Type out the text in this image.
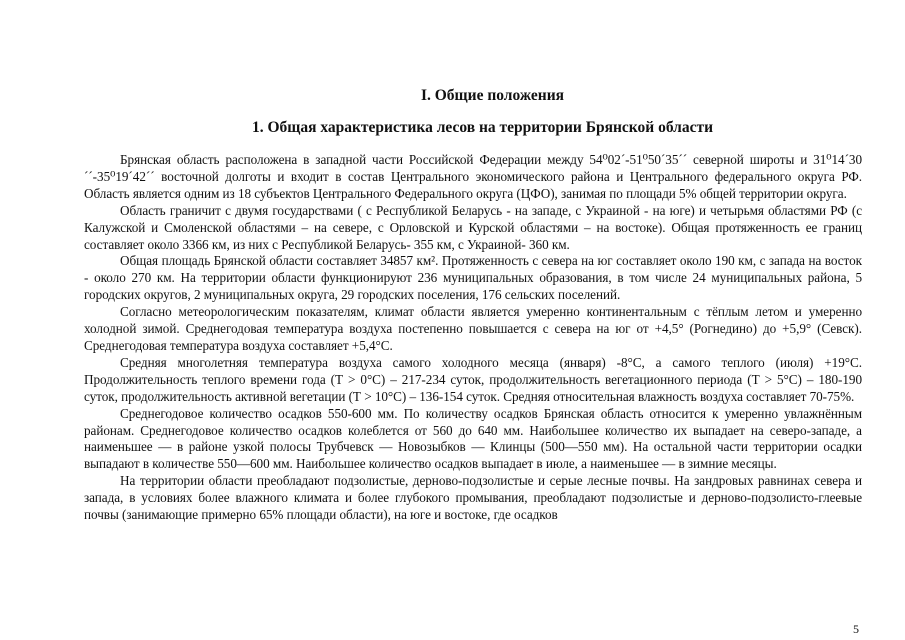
I. Общие положения
1. Общая характеристика лесов на территории Брянской области

Брянская область расположена в западной части Российской Федерации между 54⁰02´-51⁰50´35´´ северной широты и 31⁰14´30´´-35⁰19´42´´ восточной долготы и входит в состав Центрального экономического района и Центрального федерального округа РФ. Область является одним из 18 субъектов Центрального Федерального округа (ЦФО), занимая по площади 5% общей территории округа.

Область граничит с двумя государствами ( с Республикой Беларусь - на западе, с Украиной - на юге) и четырьмя областями РФ (с Калужской и Смоленской областями – на севере, с Орловской и Курской областями – на востоке). Общая протяженность ее границ составляет около 3366 км, из них с Республикой Беларусь- 355 км, с Украиной- 360 км.

Общая площадь Брянской области составляет 34857 км². Протяженность с севера на юг составляет около 190 км, с запада на восток - около 270 км. На территории области функционируют 236 муниципальных образования, в том числе 24 муниципальных района, 5 городских округов, 2 муниципальных округа, 29 городских поселения, 176 сельских поселений.

Согласно метеорологическим показателям, климат области является умеренно континентальным с тёплым летом и умеренно холодной зимой. Среднегодовая температура воздуха постепенно повышается с севера на юг от +4,5° (Рогнедино) до +5,9° (Севск). Среднегодовая температура воздуха составляет +5,4°С.

Средняя многолетняя температура воздуха самого холодного месяца (января) -8°С, а самого теплого (июля) +19°С. Продолжительность теплого времени года (Т > 0°С) – 217-234 суток, продолжительность вегетационного периода (Т > 5°С) – 180-190 суток, продолжительность активной вегетации (Т > 10°С) – 136-154 суток. Средняя относительная влажность воздуха составляет 70-75%.

Среднегодовое количество осадков 550-600 мм. По количеству осадков Брянская область относится к умеренно увлажнённым районам. Среднегодовое количество осадков колеблется от 560 до 640 мм. Наибольшее количество их выпадает на северо-западе, а наименьшее — в районе узкой полосы Трубчевск — Новозыбков — Клинцы (500—550 мм). На остальной части территории осадки выпадают в количестве 550—600 мм. Наибольшее количество осадков выпадает в июле, а наименьшее — в зимние месяцы.

На территории области преобладают подзолистые, дерново-подзолистые и серые лесные почвы. На зандровых равнинах севера и запада, в условиях более влажного климата и более глубокого промывания, преобладают подзолистые и дерново-подзолисто-глеевые почвы (занимающие примерно 65% площади области), на юге и востоке, где осадков

5
